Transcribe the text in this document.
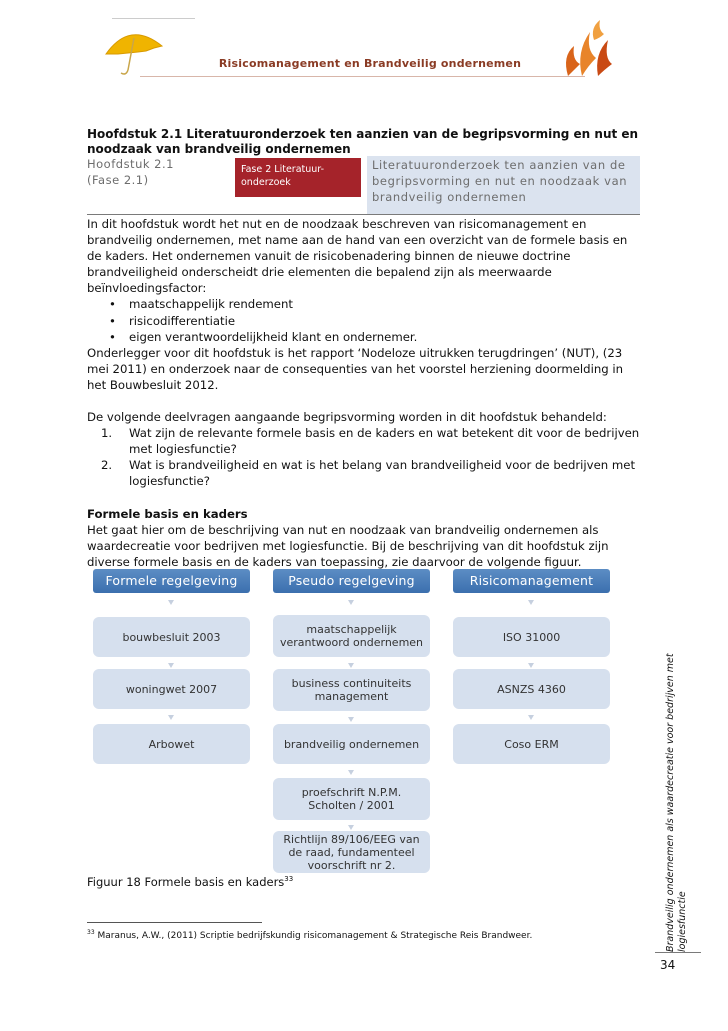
Risicomanagement en Brandveilig ondernemen
Hoofdstuk 2.1 Literatuuronderzoek ten aanzien van de begripsvorming en nut en noodzaak van brandveilig ondernemen
Hoofdstuk 2.1
(Fase 2.1)
Fase 2 Literatuur-onderzoek
Literatuuronderzoek ten aanzien van de begripsvorming en nut en noodzaak van brandveilig ondernemen

In dit hoofdstuk wordt het nut en de noodzaak beschreven van risicomanagement en brandveilig ondernemen, met name aan de hand van een overzicht van de formele basis en de kaders. Het ondernemen vanuit de risicobenadering binnen de nieuwe doctrine brandveiligheid onderscheidt drie elementen die bepalend zijn als meerwaarde beïnvloedingsfactor:

• maatschappelijk rendement
• risicodifferentiatie
• eigen verantwoordelijkheid klant en ondernemer.

Onderlegger voor dit hoofdstuk is het rapport ‘Nodeloze uitrukken terugdringen’ (NUT), (23 mei 2011) en onderzoek naar de consequenties van het voorstel herziening doormelding in het Bouwbesluit 2012.

De volgende deelvragen aangaande begripsvorming worden in dit hoofdstuk behandeld:

1. Wat zijn de relevante formele basis en de kaders en wat betekent dit voor de bedrijven met logiesfunctie?
2. Wat is brandveiligheid en wat is het belang van brandveiligheid voor de bedrijven met logiesfunctie?

Formele basis en kaders

Het gaat hier om de beschrijving van nut en noodzaak van brandveilig ondernemen als waardecreatie voor bedrijven met logiesfunctie. Bij de beschrijving van dit hoofdstuk zijn diverse formele basis en de kaders van toepassing, zie daarvoor de volgende figuur.

Formele regelgeving
bouwbesluit 2003
woningwet 2007
Arbowet
Pseudo regelgeving
maatschappelijk verantwoord ondernemen
business continuiteits management
brandveilig ondernemen
proefschrift N.P.M. Scholten / 2001
Richtlijn 89/106/EEG van de raad, fundamenteel voorschrift nr 2.
Risicomanagement
ISO 31000
ASNZS 4360
Coso ERM
Figuur 18 Formele basis en kaders$^{33}$
$^{33}$ Maranus, A.W., (2011) Scriptie bedrijfskundig risicomanagement & Strategische Reis Brandweer.	Brandveilig ondernemen als waardecreatie voor bedrijven met logiesfunctie
34
